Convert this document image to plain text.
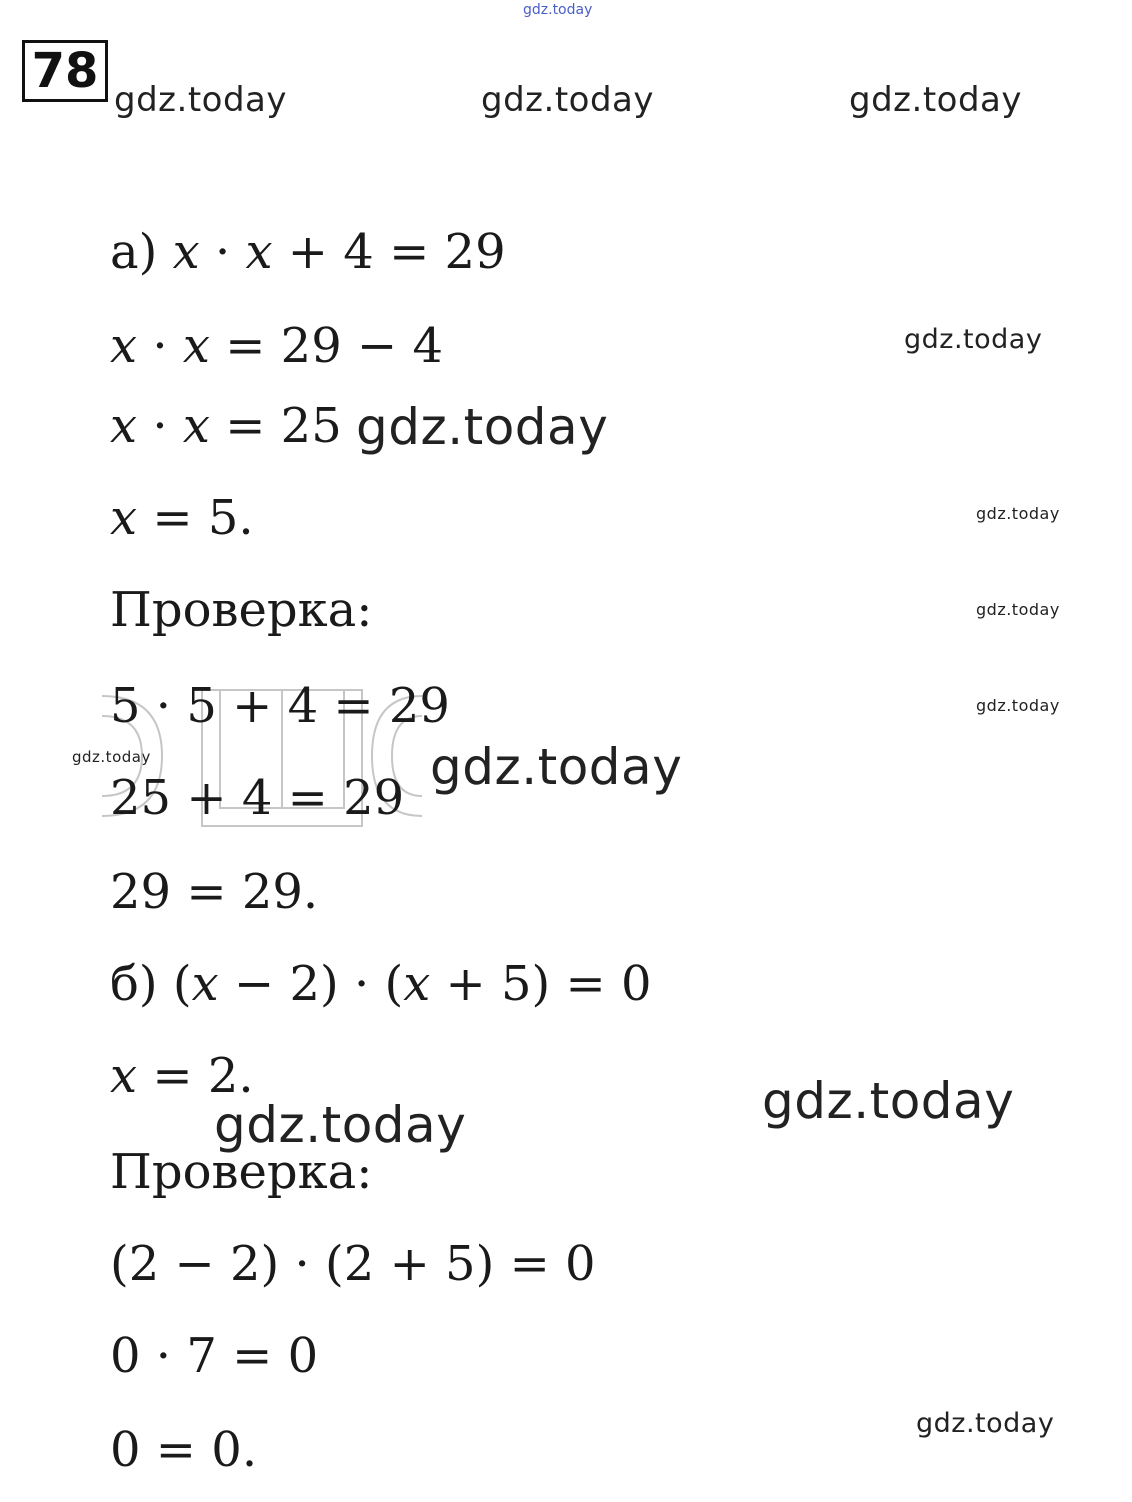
gdz.today
78
gdz.today	gdz.today	gdz.today
gdz.today
gdz.today
gdz.today
gdz.today
gdz.today
gdz.today	gdz.today
gdz.today
gdz.today
gdz.today
а) x · x + 4 = 29
x · x = 29 − 4
x · x = 25
x = 5.
Проверка:
5 · 5 + 4 = 29
25 + 4 = 29
29 = 29.
б) (x − 2) · (x + 5) = 0
x = 2.
Проверка:
(2 − 2) · (2 + 5) = 0
0 · 7 = 0
0 = 0.
